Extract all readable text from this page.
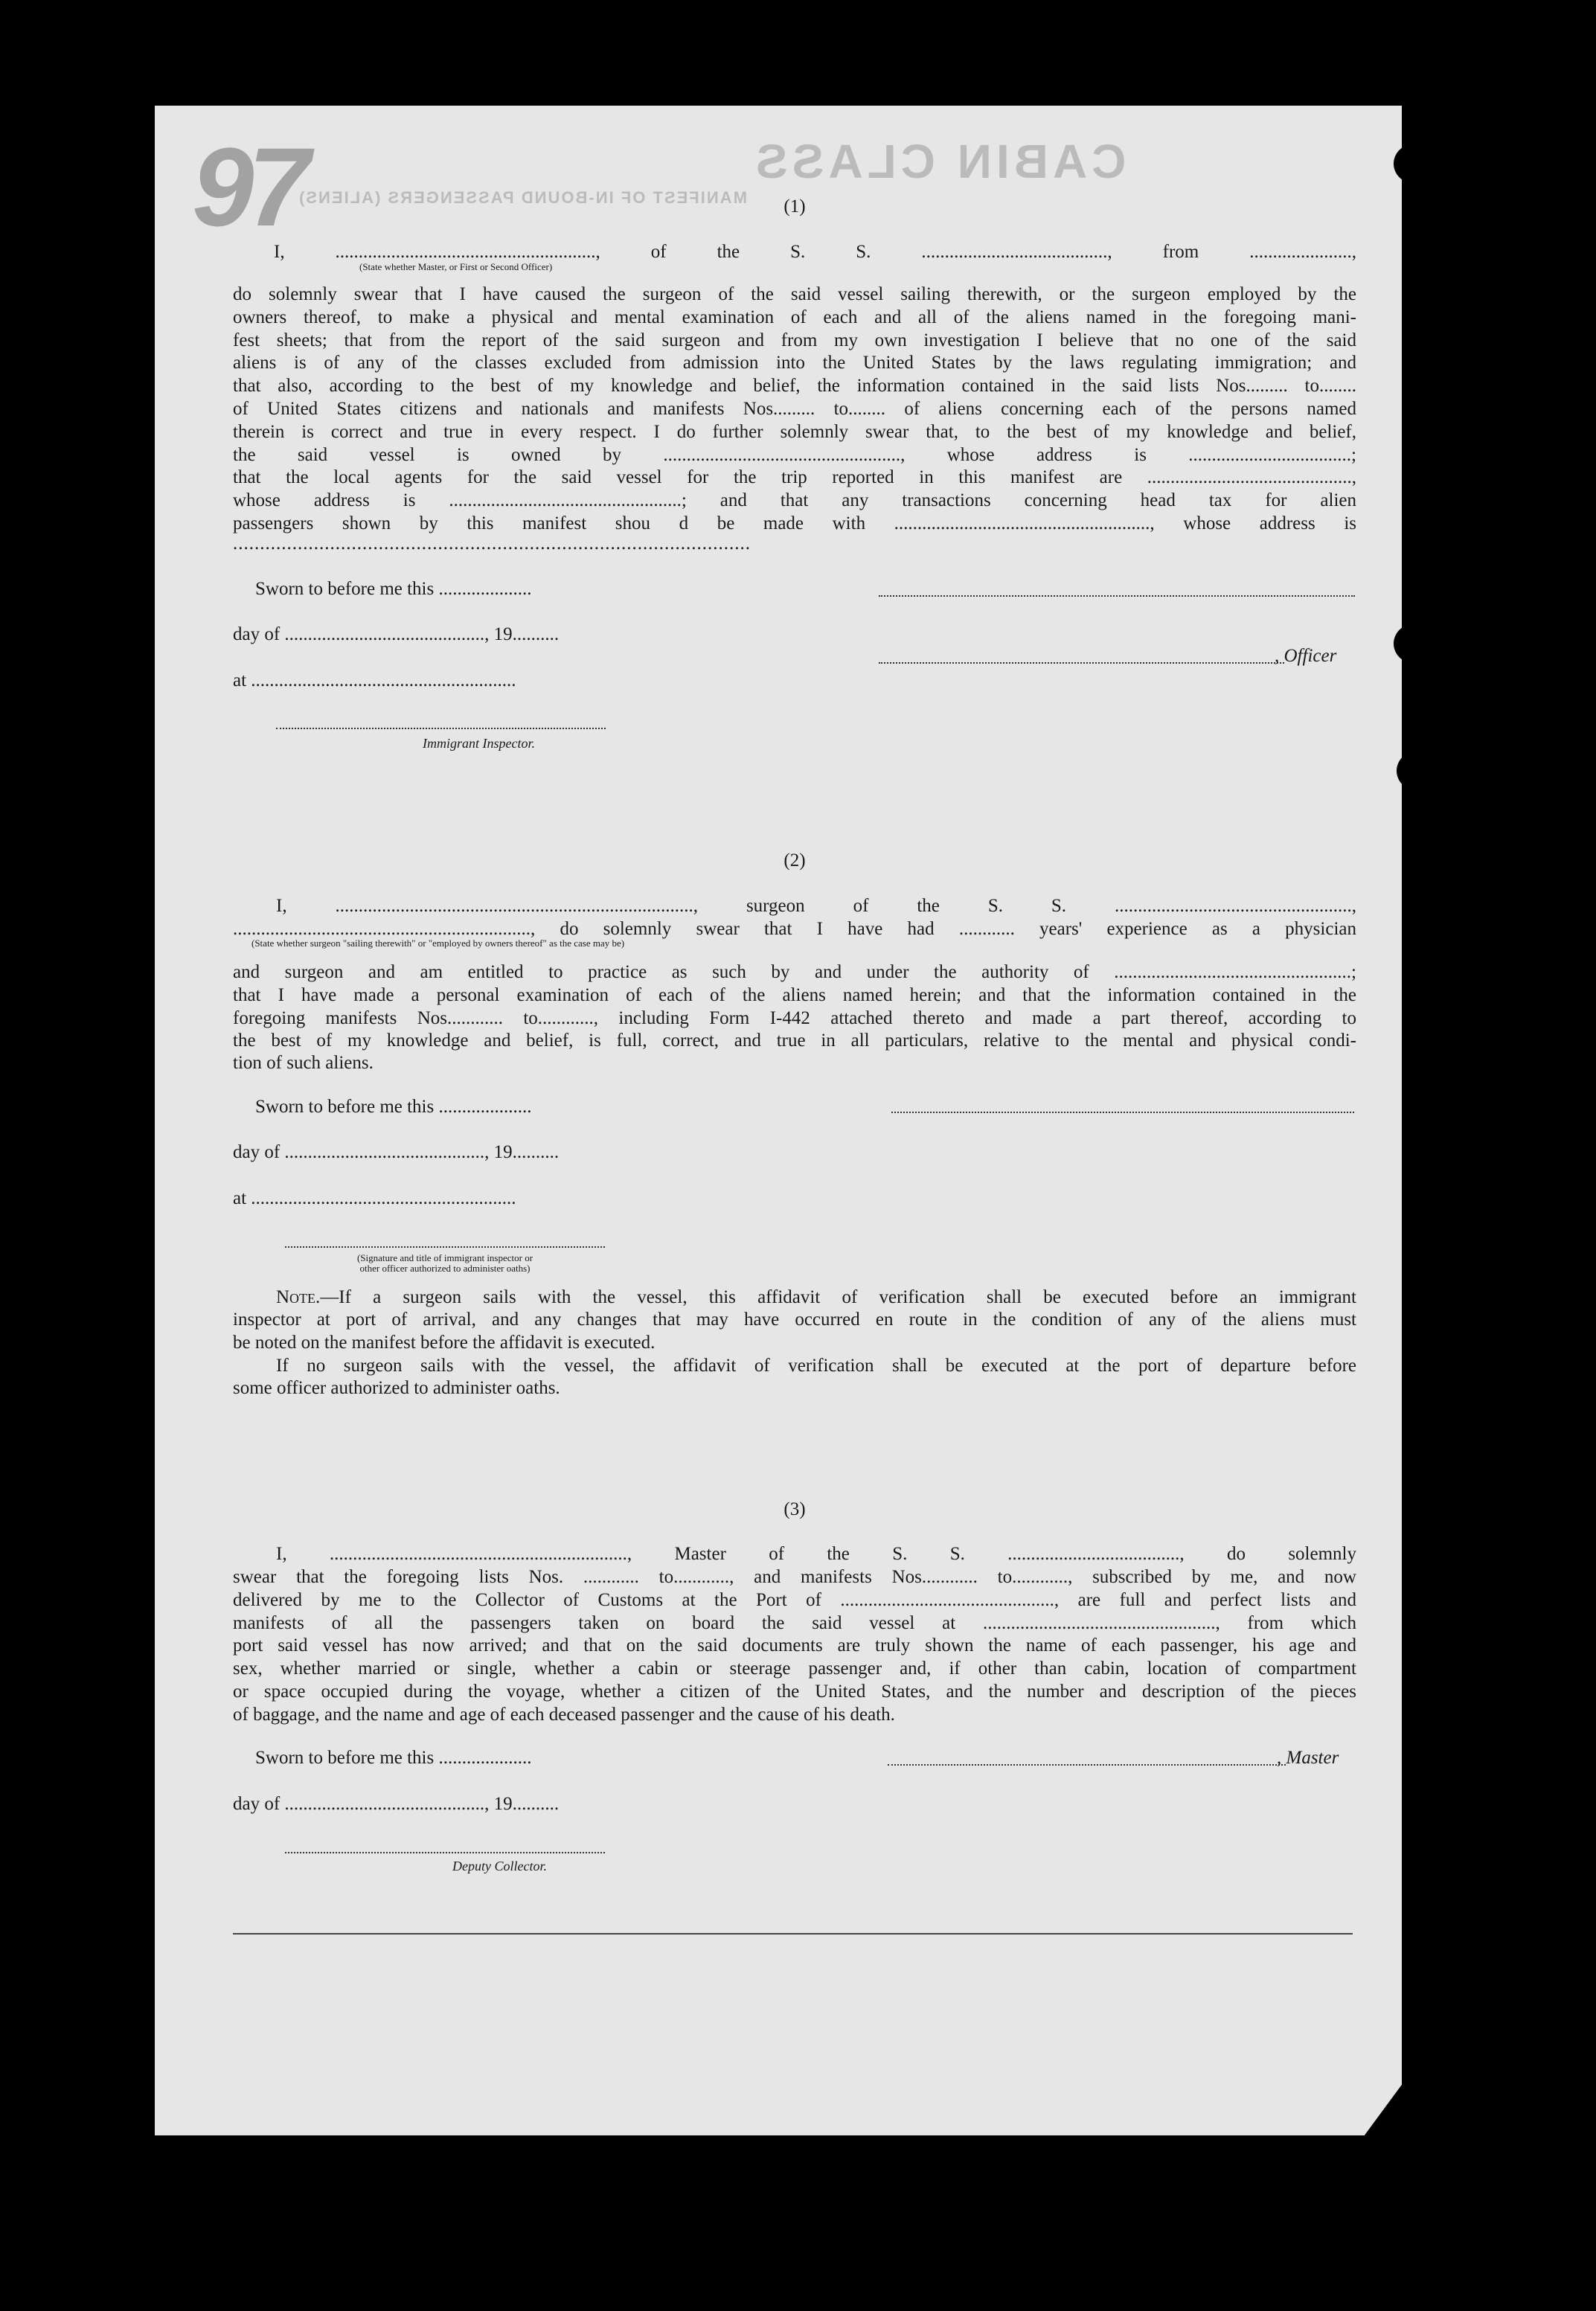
97	CABIN CLASS
MANIFEST OF IN-BOUND PASSENGERS (ALIENS)	(1)
I, ........................................................, of the S. S. ........................................, from ......................,
(State whether Master, or First or Second Officer)
do solemnly swear that I have caused the surgeon of the said vessel sailing therewith, or the surgeon employed by the
owners thereof, to make a physical and mental examination of each and all of the aliens named in the foregoing mani-
fest sheets; that from the report of the said surgeon and from my own investigation I believe that no one of the said
aliens is of any of the classes excluded from admission into the United States by the laws regulating immigration; and
that also, according to the best of my knowledge and belief, the information contained in the said lists Nos......... to........
of United States citizens and nationals and manifests Nos......... to........ of aliens concerning each of the persons named
therein is correct and true in every respect. I do further solemnly swear that, to the best of my knowledge and belief,
the said vessel is owned by ..................................................., whose address is ...................................;
that the local agents for the said vessel for the trip reported in this manifest are ............................................,
whose address is ..................................................; and that any transactions concerning head tax for alien
passengers shown by this manifest shou d be made with ......................................................., whose address is
................................................................................................
Sworn to before me this ....................
day of ..........................................., 19..........
, Officer
at .........................................................
Immigrant Inspector.
(2)
I, ............................................................................., surgeon of the S. S. ...................................................,
................................................................, do solemnly swear that I have had ............ years' experience as a physician
(State whether surgeon "sailing therewith" or "employed by owners thereof" as the case may be)
and surgeon and am entitled to practice as such by and under the authority of ...................................................;
that I have made a personal examination of each of the aliens named herein; and that the information contained in the
foregoing manifests Nos............ to............, including Form I-442 attached thereto and made a part thereof, according to
the best of my knowledge and belief, is full, correct, and true in all particulars, relative to the mental and physical condi-
tion of such aliens.
Sworn to before me this ....................
day of ..........................................., 19..........
at .........................................................
(Signature and title of immigrant inspector or
other officer authorized to administer oaths)
Note.—If a surgeon sails with the vessel, this affidavit of verification shall be executed before an immigrant
inspector at port of arrival, and any changes that may have occurred en route in the condition of any of the aliens must
be noted on the manifest before the affidavit is executed.
If no surgeon sails with the vessel, the affidavit of verification shall be executed at the port of departure before
some officer authorized to administer oaths.
(3)
I, ................................................................, Master of the S. S. ....................................., do solemnly
swear that the foregoing lists Nos. ............ to............, and manifests Nos............ to............, subscribed by me, and now
delivered by me to the Collector of Customs at the Port of .............................................., are full and perfect lists and
manifests of all the passengers taken on board the said vessel at .................................................., from which
port said vessel has now arrived; and that on the said documents are truly shown the name of each passenger, his age and
sex, whether married or single, whether a cabin or steerage passenger and, if other than cabin, location of compartment
or space occupied during the voyage, whether a citizen of the United States, and the number and description of the pieces
of baggage, and the name and age of each deceased passenger and the cause of his death.
Sworn to before me this ....................	, Master
day of ..........................................., 19..........
Deputy Collector.
